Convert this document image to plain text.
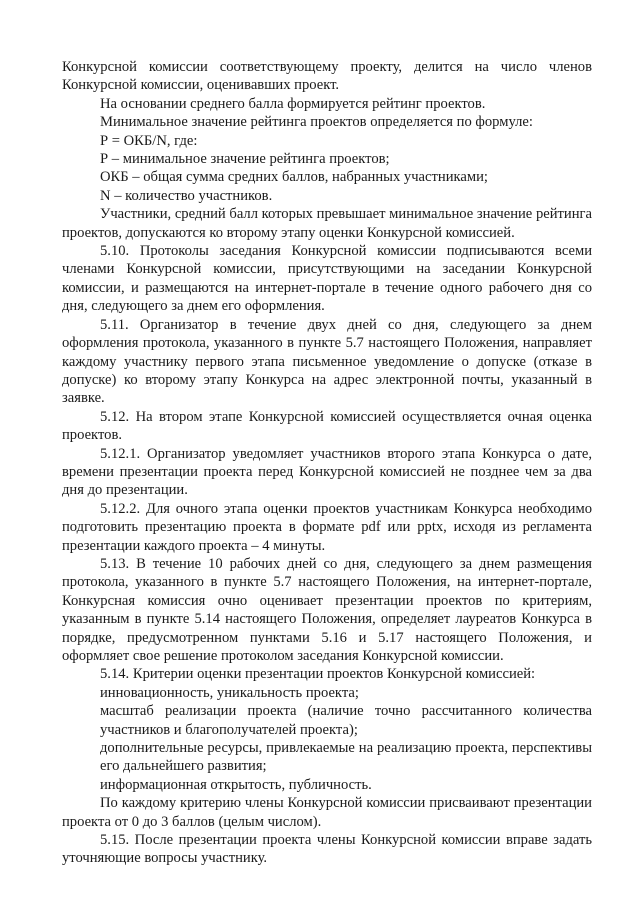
Конкурсной комиссии соответствующему проекту, делится на число членов Конкурсной комиссии, оценивавших проект.

На основании среднего балла формируется рейтинг проектов.

Минимальное значение рейтинга проектов определяется по формуле:

Р = ОКБ/N, где:

Р – минимальное значение рейтинга проектов;

ОКБ – общая сумма средних баллов, набранных участниками;

N – количество участников.

Участники, средний балл которых превышает минимальное значение рейтинга проектов, допускаются ко второму этапу оценки Конкурсной комиссией.

5.10. Протоколы заседания Конкурсной комиссии подписываются всеми членами Конкурсной комиссии, присутствующими на заседании Конкурсной комиссии, и размещаются на интернет-портале в течение одного рабочего дня со дня, следующего за днем его оформления.

5.11. Организатор в течение двух дней со дня, следующего за днем оформления протокола, указанного в пункте 5.7 настоящего Положения, направляет каждому участнику первого этапа письменное уведомление о допуске (отказе в допуске) ко второму этапу Конкурса на адрес электронной почты, указанный в заявке.

5.12. На втором этапе Конкурсной комиссией осуществляется очная оценка проектов.

5.12.1. Организатор уведомляет участников второго этапа Конкурса о дате, времени презентации проекта перед Конкурсной комиссией не позднее чем за два дня до презентации.

5.12.2. Для очного этапа оценки проектов участникам Конкурса необходимо подготовить презентацию проекта в формате pdf или pptx, исходя из регламента презентации каждого проекта – 4 минуты.

5.13. В течение 10 рабочих дней со дня, следующего за днем размещения протокола, указанного в пункте 5.7 настоящего Положения, на интернет-портале, Конкурсная комиссия очно оценивает презентации проектов по критериям, указанным в пункте 5.14 настоящего Положения, определяет лауреатов Конкурса в порядке, предусмотренном пунктами 5.16 и 5.17 настоящего Положения, и оформляет свое решение протоколом заседания Конкурсной комиссии.

5.14. Критерии оценки презентации проектов Конкурсной комиссией:

инновационность, уникальность проекта;

масштаб реализации проекта (наличие точно рассчитанного количества участников и благополучателей проекта);

дополнительные ресурсы, привлекаемые на реализацию проекта, перспективы его дальнейшего развития;

информационная открытость, публичность.

По каждому критерию члены Конкурсной комиссии присваивают презентации проекта от 0 до 3 баллов (целым числом).

5.15. После презентации проекта члены Конкурсной комиссии вправе задать уточняющие вопросы участнику.
